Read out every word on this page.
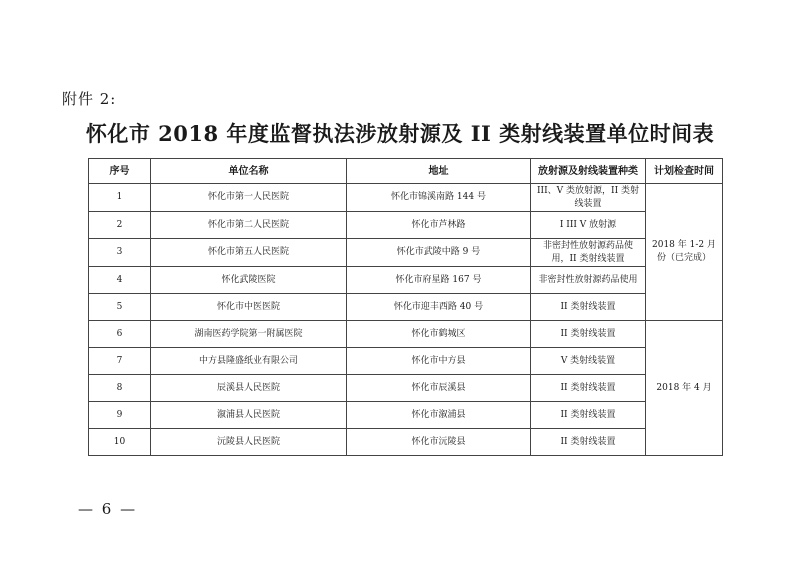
附件 2:
怀化市 2018 年度监督执法涉放射源及 II 类射线装置单位时间表
序号	单位名称	地址	放射源及射线装置种类	计划检查时间
1	怀化市第一人民医院	怀化市锦溪南路 144 号	III、V 类放射源，II 类射线装置	2018 年 1-2 月份（已完成）
2	怀化市第二人民医院	怀化市芦林路	I III V 放射源	
3	怀化市第五人民医院	怀化市武陵中路 9 号	非密封性放射源药品使用，II 类射线装置	
4	怀化武陵医院	怀化市府星路 167 号	非密封性放射源药品使用	
5	怀化市中医医院	怀化市迎丰西路 40 号	II 类射线装置	
6	湖南医药学院第一附属医院	怀化市鹤城区	II 类射线装置	2018 年 4 月
7	中方县隆盛纸业有限公司	怀化市中方县	V 类射线装置	
8	辰溪县人民医院	怀化市辰溪县	II 类射线装置	
9	溆浦县人民医院	怀化市溆浦县	II 类射线装置	
10	沅陵县人民医院	怀化市沅陵县	II 类射线装置	
— 6 —
